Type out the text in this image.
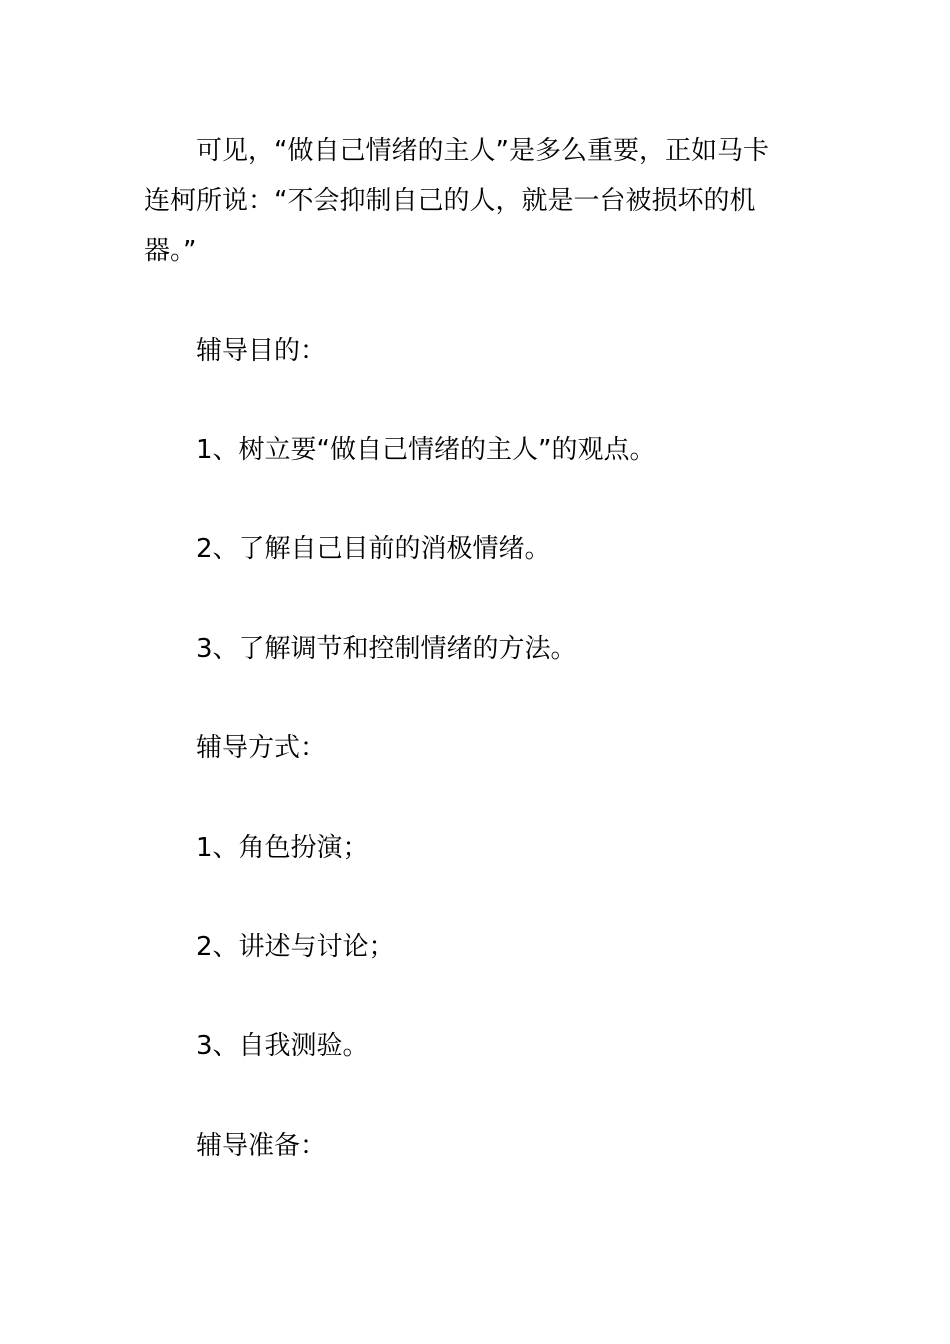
可见，“做自己情绪的主人”是多么重要，正如马卡
连柯所说：“不会抑制自己的人，就是一台被损坏的机
器。”
辅导目的：
1、树立要“做自己情绪的主人”的观点。
2、了解自己目前的消极情绪。
3、了解调节和控制情绪的方法。
辅导方式：
1、角色扮演；
2、讲述与讨论；
3、自我测验。
辅导准备：
